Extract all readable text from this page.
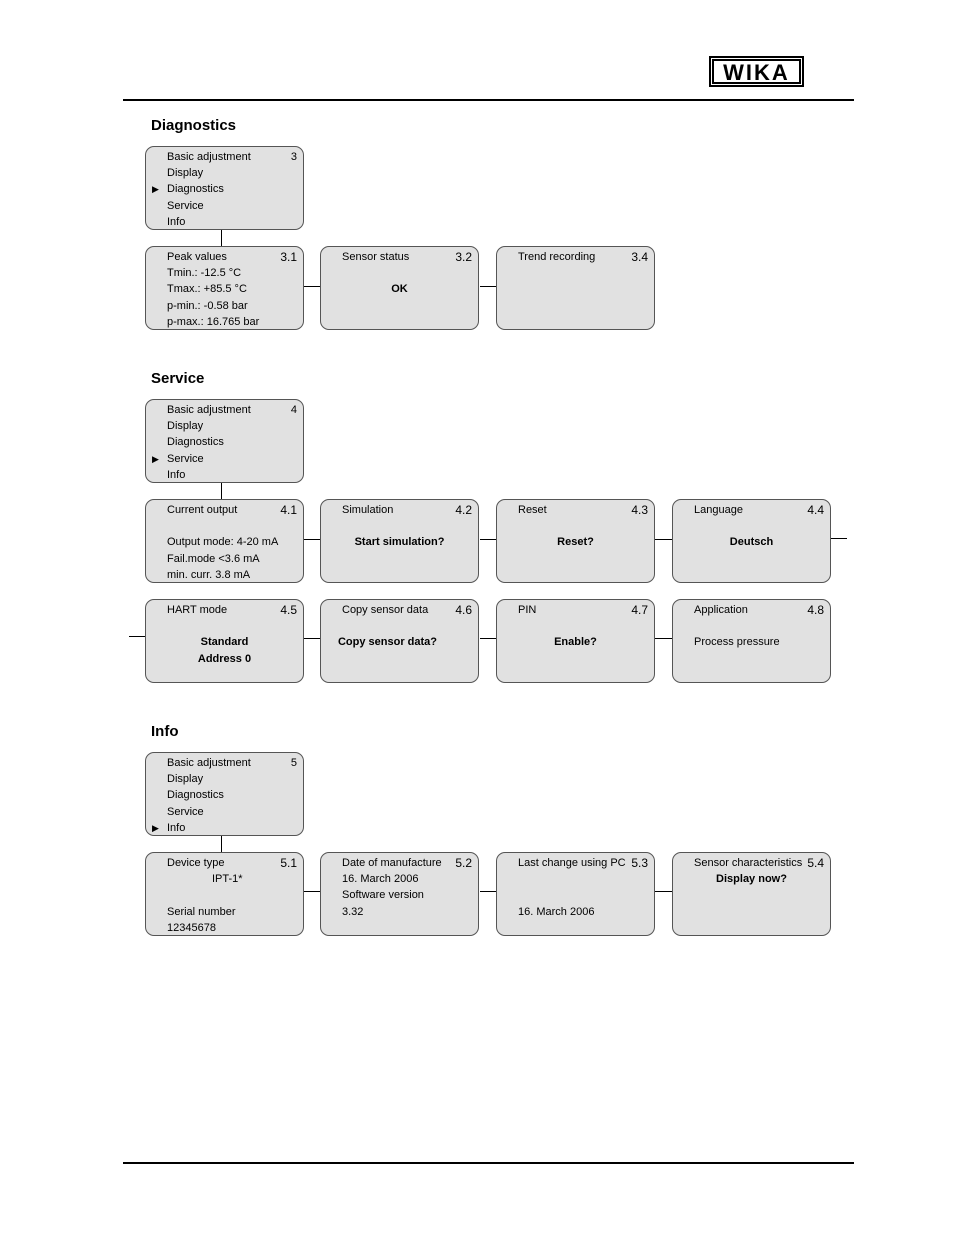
WIKA
Diagnostics
Basic adjustment	3
Display
▶ Diagnostics
Service
Info
Peak values	3.1
Tmin.: -12.5 °C
Tmax.: +85.5 °C
p-min.: -0.58 bar
p-max.: 16.765 bar
Sensor status	3.2
OK
Trend recording	3.4
Service
Basic adjustment	4
Display
Diagnostics
▶ Service
Info
Current output	4.1
Output mode: 4-20 mA
Fail.mode <3.6 mA
min. curr. 3.8 mA
Simulation	4.2
Start simulation?
Reset	4.3
Reset?
Language	4.4
Deutsch
HART mode	4.5
Standard
Address 0
Copy sensor data 4.6
Copy sensor data?
PIN	4.7
Enable?
Application	4.8
Process pressure
Info
Basic adjustment	5
Display
Diagnostics
Service
▶ Info
Device type	5.1
IPT-1*
Serial number
12345678
Date of manufacture 5.2
16. March 2006
Software version
3.32
Last change using PC 5.3
16. March 2006
Sensor characteristics 5.4
Display now?
